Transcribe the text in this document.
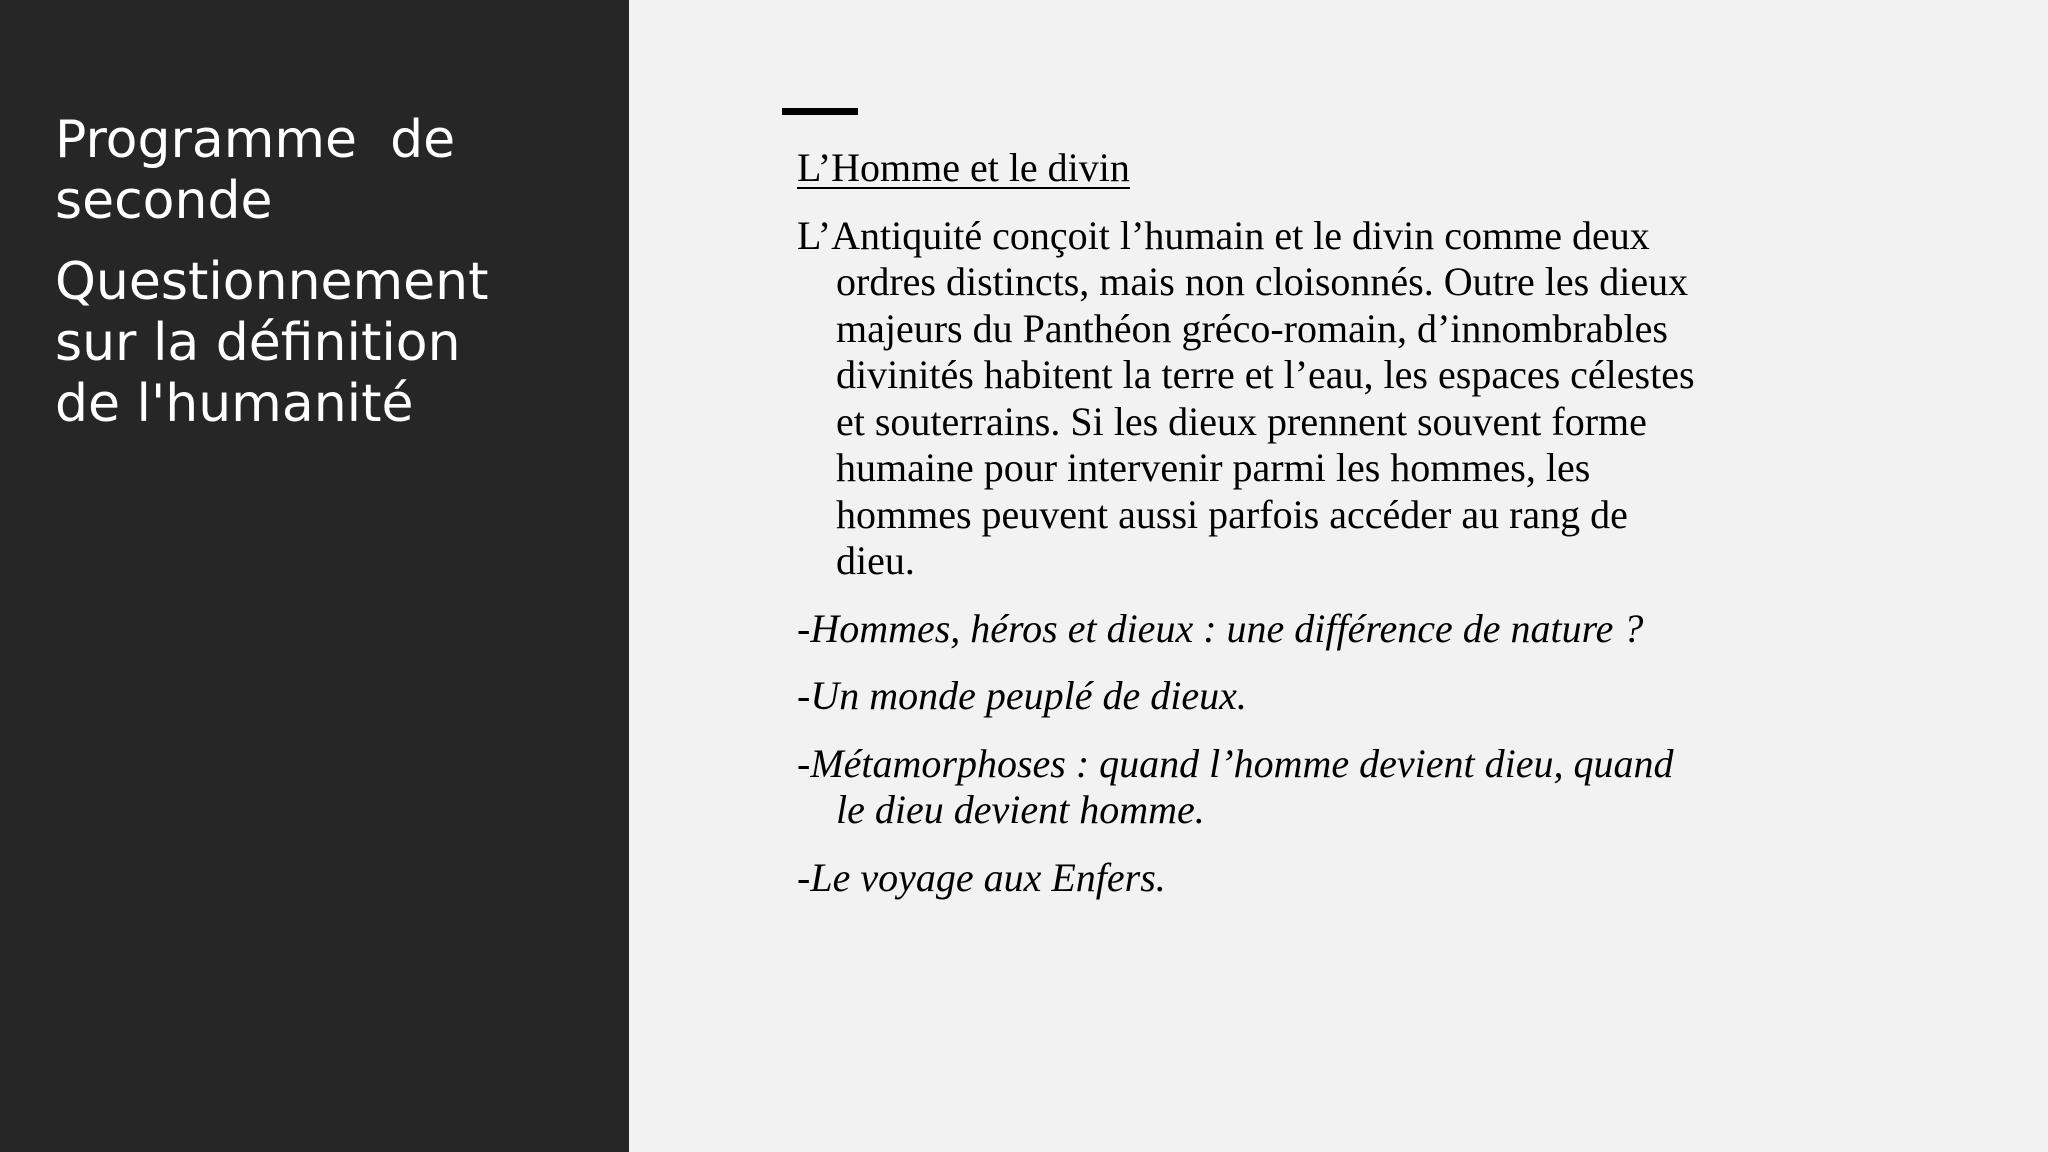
Programme  de
seconde
Questionnement
sur la définition
de l'humanité
L’Homme et le divin
L’Antiquité conçoit l’humain et le divin comme deux
ordres distincts, mais non cloisonnés. Outre les dieux
majeurs du Panthéon gréco-romain, d’innombrables
divinités habitent la terre et l’eau, les espaces célestes
et souterrains. Si les dieux prennent souvent forme
humaine pour intervenir parmi les hommes, les
hommes peuvent aussi parfois accéder au rang de
dieu.
-Hommes, héros et dieux : une différence de nature ?
-Un monde peuplé de dieux.
-Métamorphoses : quand l’homme devient dieu, quand
le dieu devient homme.
-Le voyage aux Enfers.
